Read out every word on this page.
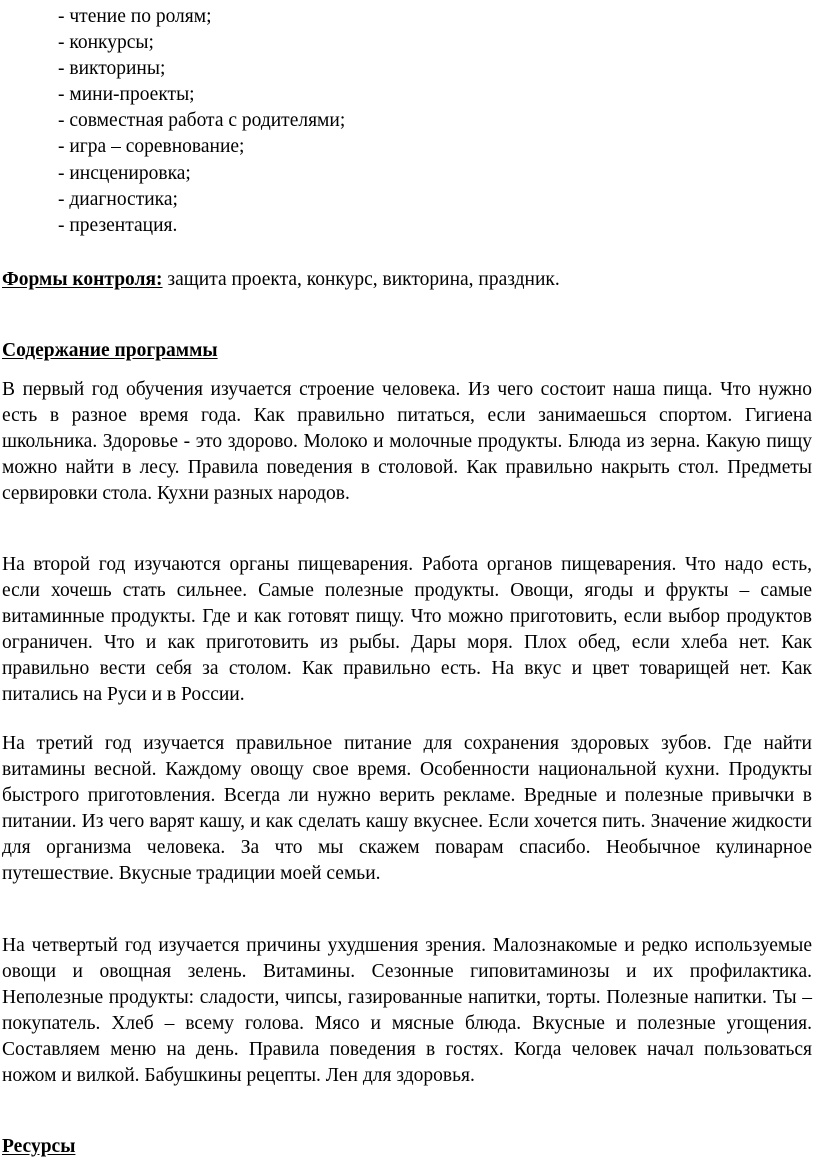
- чтение по ролям;
- конкурсы;
- викторины;
- мини-проекты;
- совместная работа с родителями;
- игра – соревнование;
- инсценировка;
- диагностика;
- презентация.

Формы контроля: защита проекта, конкурс, викторина, праздник.

Содержание программы

В первый год обучения изучается строение человека. Из чего состоит наша пища. Что нужно есть в разное время года. Как правильно питаться, если занимаешься спортом. Гигиена школьника. Здоровье - это здорово. Молоко и молочные продукты. Блюда из зерна. Какую пищу можно найти в лесу. Правила поведения в столовой. Как правильно накрыть стол. Предметы сервировки стола. Кухни разных народов.

На второй год изучаются органы пищеварения. Работа органов пищеварения. Что надо есть, если хочешь стать сильнее. Самые полезные продукты. Овощи, ягоды и фрукты – самые витаминные продукты. Где и как готовят пищу. Что можно приготовить, если выбор продуктов ограничен. Что и как приготовить из рыбы. Дары моря. Плох обед, если хлеба нет. Как правильно вести себя за столом. Как правильно есть. На вкус и цвет товарищей нет. Как питались на Руси и в России.

На третий год изучается правильное питание для сохранения здоровых зубов. Где найти витамины весной. Каждому овощу свое время. Особенности национальной кухни. Продукты быстрого приготовления. Всегда ли нужно верить рекламе. Вредные и полезные привычки в питании. Из чего варят кашу, и как сделать кашу вкуснее. Если хочется пить. Значение жидкости для организма человека. За что мы скажем поварам спасибо. Необычное кулинарное путешествие. Вкусные традиции моей семьи.

На четвертый год изучается причины ухудшения зрения. Малознакомые и редко используемые овощи и овощная зелень. Витамины. Сезонные гиповитаминозы и их профилактика. Неполезные продукты: сладости, чипсы, газированные напитки, торты. Полезные напитки. Ты – покупатель. Хлеб – всему голова. Мясо и мясные блюда. Вкусные и полезные угощения. Составляем меню на день. Правила поведения в гостях. Когда человек начал пользоваться ножом и вилкой. Бабушкины рецепты. Лен для здоровья.

Ресурсы
